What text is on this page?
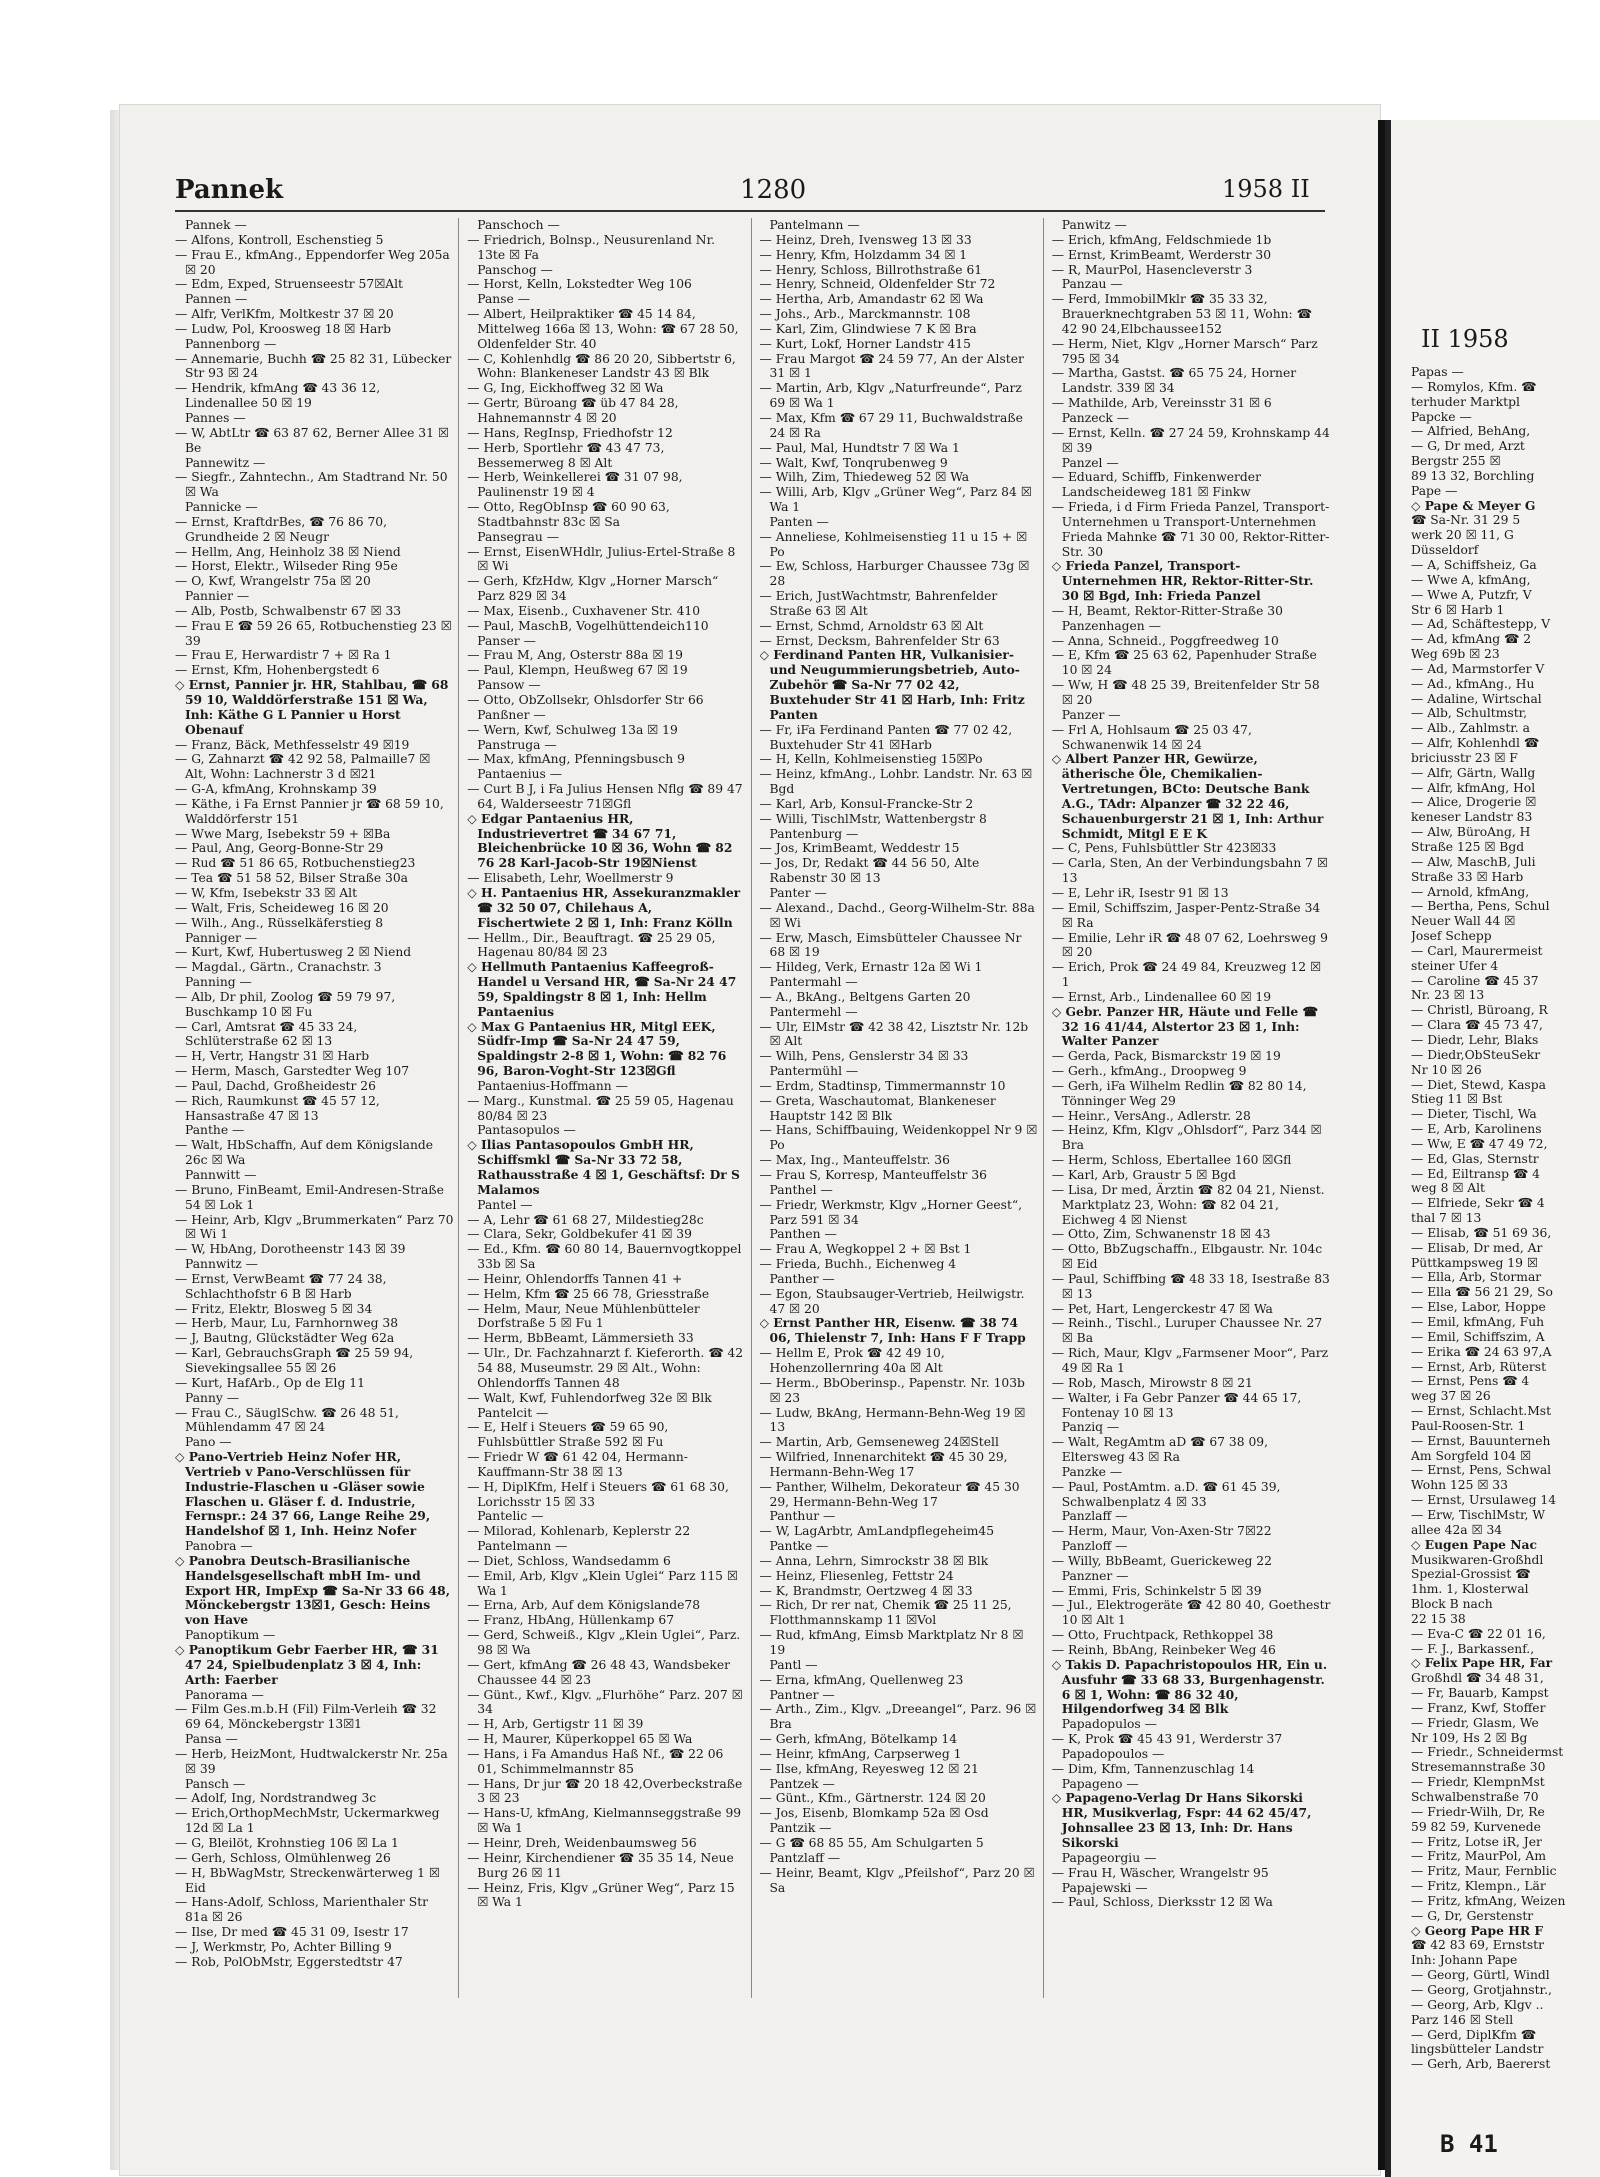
Pannek	1280	1958 II

Pannek —

— Alfons, Kontroll, Eschenstieg 5

— Frau E., kfmAng., Eppendorfer Weg 205a ☒ 20

— Edm, Exped, Struenseestr 57☒Alt

Pannen —

— Alfr, VerlKfm, Moltkestr 37 ☒ 20

— Ludw, Pol, Kroosweg 18 ☒ Harb

Pannenborg —

— Annemarie, Buchh ☎ 25 82 31, Lübecker Str 93 ☒ 24

— Hendrik, kfmAng ☎ 43 36 12, Lindenallee 50 ☒ 19

Pannes —

— W, AbtLtr ☎ 63 87 62, Berner Allee 31 ☒ Be

Pannewitz —

— Siegfr., Zahntechn., Am Stadtrand Nr. 50 ☒ Wa

Pannicke —

— Ernst, KraftdrBes, ☎ 76 86 70, Grundheide 2 ☒ Neugr

— Hellm, Ang, Heinholz 38 ☒ Niend

— Horst, Elektr., Wilseder Ring 95e

— O, Kwf, Wrangelstr 75a ☒ 20

Pannier —

— Alb, Postb, Schwalbenstr 67 ☒ 33

— Frau E ☎ 59 26 65, Rotbuchenstieg 23 ☒ 39

— Frau E, Herwardistr 7 + ☒ Ra 1

— Ernst, Kfm, Hohenbergstedt 6

◇ Ernst, Pannier jr. HR, Stahlbau, ☎ 68 59 10, Walddörferstraße 151 ☒ Wa, Inh: Käthe G L Pannier u Horst Obenauf

— Franz, Bäck, Methfesselstr 49 ☒19

— G, Zahnarzt ☎ 42 92 58, Palmaille7 ☒ Alt, Wohn: Lachnerstr 3 d ☒21

— G-A, kfmAng, Krohnskamp 39

— Käthe, i Fa Ernst Pannier jr ☎ 68 59 10, Walddörferstr 151

— Wwe Marg, Isebekstr 59 + ☒Ba

— Paul, Ang, Georg-Bonne-Str 29

— Rud ☎ 51 86 65, Rotbuchenstieg23

— Tea ☎ 51 58 52, Bilser Straße 30a

— W, Kfm, Isebekstr 33 ☒ Alt

— Walt, Fris, Scheideweg 16 ☒ 20

— Wilh., Ang., Rüsselkäferstieg 8

Panniger —

— Kurt, Kwf, Hubertusweg 2 ☒ Niend

— Magdal., Gärtn., Cranachstr. 3

Panning —

— Alb, Dr phil, Zoolog ☎ 59 79 97, Buschkamp 10 ☒ Fu

— Carl, Amtsrat ☎ 45 33 24, Schlüterstraße 62 ☒ 13

— H, Vertr, Hangstr 31 ☒ Harb

— Herm, Masch, Garstedter Weg 107

— Paul, Dachd, Großheidestr 26

— Rich, Raumkunst ☎ 45 57 12, Hansastraße 47 ☒ 13

Panthe —

— Walt, HbSchaffn, Auf dem Königslande 26c ☒ Wa

Pannwitt —

— Bruno, FinBeamt, Emil-Andresen-Straße 54 ☒ Lok 1

— Heinr, Arb, Klgv „Brummerkaten“ Parz 70 ☒ Wi 1

— W, HbAng, Dorotheenstr 143 ☒ 39

Pannwitz —

— Ernst, VerwBeamt ☎ 77 24 38, Schlachthofstr 6 B ☒ Harb

— Fritz, Elektr, Blosweg 5 ☒ 34

— Herb, Maur, Lu, Farnhornweg 38

— J, Bautng, Glückstädter Weg 62a

— Karl, GebrauchsGraph ☎ 25 59 94, Sievekingsallee 55 ☒ 26

— Kurt, HafArb., Op de Elg 11

Panny —

— Frau C., SäuglSchw. ☎ 26 48 51, Mühlendamm 47 ☒ 24

Pano —

◇ Pano-Vertrieb Heinz Nofer HR, Vertrieb v Pano-Verschlüssen für Industrie-Flaschen u -Gläser sowie Flaschen u. Gläser f. d. Industrie, Fernspr.: 24 37 66, Lange Reihe 29, Handelshof ☒ 1, Inh. Heinz Nofer

Panobra —

◇ Panobra Deutsch-Brasilianische Handelsgesellschaft mbH Im- und Export HR, ImpExp ☎ Sa-Nr 33 66 48, Mönckebergstr 13☒1, Gesch: Heins von Have

Panoptikum —

◇ Panoptikum Gebr Faerber HR, ☎ 31 47 24, Spielbudenplatz 3 ☒ 4, Inh: Arth: Faerber

Panorama —

— Film Ges.m.b.H (Fil) Film-Verleih ☎ 32 69 64, Mönckebergstr 13☒1

Pansa —

— Herb, HeizMont, Hudtwalckerstr Nr. 25a ☒ 39

Pansch —

— Adolf, Ing, Nordstrandweg 3c

— Erich,OrthopMechMstr, Uckermarkweg 12d ☒ La 1

— G, Bleilöt, Krohnstieg 106 ☒ La 1

— Gerh, Schloss, Olmühlenweg 26

— H, BbWagMstr, Streckenwärterweg 1 ☒ Eid

— Hans-Adolf, Schloss, Marienthaler Str 81a ☒ 26

— Ilse, Dr med ☎ 45 31 09, Isestr 17

— J, Werkmstr, Po, Achter Billing 9

— Rob, PolObMstr, Eggerstedtstr 47

Panschoch —

— Friedrich, Bolnsp., Neusurenland Nr. 13te ☒ Fa

Panschog —

— Horst, Kelln, Lokstedter Weg 106

Panse —

— Albert, Heilpraktiker ☎ 45 14 84, Mittelweg 166a ☒ 13, Wohn: ☎ 67 28 50, Oldenfelder Str. 40

— C, Kohlenhdlg ☎ 86 20 20, Sibbertstr 6, Wohn: Blankeneser Landstr 43 ☒ Blk

— G, Ing, Eickhoffweg 32 ☒ Wa

— Gertr, Büroang ☎ üb 47 84 28, Hahnemannstr 4 ☒ 20

— Hans, RegInsp, Friedhofstr 12

— Herb, Sportlehr ☎ 43 47 73, Bessemerweg 8 ☒ Alt

— Herb, Weinkellerei ☎ 31 07 98, Paulinenstr 19 ☒ 4

— Otto, RegObInsp ☎ 60 90 63, Stadtbahnstr 83c ☒ Sa

Pansegrau —

— Ernst, EisenWHdlr, Julius-Ertel-Straße 8 ☒ Wi

— Gerh, KfzHdw, Klgv „Horner Marsch“ Parz 829 ☒ 34

— Max, Eisenb., Cuxhavener Str. 410

— Paul, MaschB, Vogelhüttendeich110

Panser —

— Frau M, Ang, Osterstr 88a ☒ 19

— Paul, Klempn, Heußweg 67 ☒ 19

Pansow —

— Otto, ObZollsekr, Ohlsdorfer Str 66

Panßner —

— Wern, Kwf, Schulweg 13a ☒ 19

Panstruga —

— Max, kfmAng, Pfenningsbusch 9

Pantaenius —

— Curt B J, i Fa Julius Hensen Nflg ☎ 89 47 64, Walderseestr 71☒Gfl

◇ Edgar Pantaenius HR, Industrievertret ☎ 34 67 71, Bleichenbrücke 10 ☒ 36, Wohn ☎ 82 76 28 Karl-Jacob-Str 19☒Nienst

— Elisabeth, Lehr, Woellmerstr 9

◇ H. Pantaenius HR, Assekuranzmakler ☎ 32 50 07, Chilehaus A, Fischertwiete 2 ☒ 1, Inh: Franz Kölln

— Hellm., Dir., Beauftragt. ☎ 25 29 05, Hagenau 80/84 ☒ 23

◇ Hellmuth Pantaenius Kaffeegroß-Handel u Versand HR, ☎ Sa-Nr 24 47 59, Spaldingstr 8 ☒ 1, Inh: Hellm Pantaenius

◇ Max G Pantaenius HR, Mitgl EEK, Südfr-Imp ☎ Sa-Nr 24 47 59, Spaldingstr 2-8 ☒ 1, Wohn: ☎ 82 76 96, Baron-Voght-Str 123☒Gfl

Pantaenius-Hoffmann —

— Marg., Kunstmal. ☎ 25 59 05, Hagenau 80/84 ☒ 23

Pantasopulos —

◇ Ilias Pantasopoulos GmbH HR, Schiffsmkl ☎ Sa-Nr 33 72 58, Rathausstraße 4 ☒ 1, Geschäftsf: Dr S Malamos

Pantel —

— A, Lehr ☎ 61 68 27, Mildestieg28c

— Clara, Sekr, Goldbekufer 41 ☒ 39

— Ed., Kfm. ☎ 60 80 14, Bauernvogtkoppel 33b ☒ Sa

— Heinr, Ohlendorffs Tannen 41 +

— Helm, Kfm ☎ 25 66 78, Griesstraße

— Helm, Maur, Neue Mühlenbütteler Dorfstraße 5 ☒ Fu 1

— Herm, BbBeamt, Lämmersieth 33

— Ulr., Dr. Fachzahnarzt f. Kieferorth. ☎ 42 54 88, Museumstr. 29 ☒ Alt., Wohn: Ohlendorffs Tannen 48

— Walt, Kwf, Fuhlendorfweg 32e ☒ Blk

Pantelcit —

— E, Helf i Steuers ☎ 59 65 90, Fuhlsbüttler Straße 592 ☒ Fu

— Friedr W ☎ 61 42 04, Hermann-Kauffmann-Str 38 ☒ 13

— H, DiplKfm, Helf i Steuers ☎ 61 68 30, Lorichsstr 15 ☒ 33

Pantelic —

— Milorad, Kohlenarb, Keplerstr 22

Pantelmann —

— Diet, Schloss, Wandsedamm 6

— Emil, Arb, Klgv „Klein Uglei“ Parz 115 ☒ Wa 1

— Erna, Arb, Auf dem Königslande78

— Franz, HbAng, Hüllenkamp 67

— Gerd, Schweiß., Klgv „Klein Uglei“, Parz. 98 ☒ Wa

— Gert, kfmAng ☎ 26 48 43, Wandsbeker Chaussee 44 ☒ 23

— Günt., Kwf., Klgv. „Flurhöhe“ Parz. 207 ☒ 34

— H, Arb, Gertigstr 11 ☒ 39

— H, Maurer, Küperkoppel 65 ☒ Wa

— Hans, i Fa Amandus Haß Nf., ☎ 22 06 01, Schimmelmannstr 85

— Hans, Dr jur ☎ 20 18 42,Overbeckstraße 3 ☒ 23

— Hans-U, kfmAng, Kielmannseggstraße 99 ☒ Wa 1

— Heinr, Dreh, Weidenbaumsweg 56

— Heinr, Kirchendiener ☎ 35 35 14, Neue Burg 26 ☒ 11

— Heinz, Fris, Klgv „Grüner Weg“, Parz 15 ☒ Wa 1

Pantelmann —

— Heinz, Dreh, Ivensweg 13 ☒ 33

— Henry, Kfm, Holzdamm 34 ☒ 1

— Henry, Schloss, Billrothstraße 61

— Henry, Schneid, Oldenfelder Str 72

— Hertha, Arb, Amandastr 62 ☒ Wa

— Johs., Arb., Marckmannstr. 108

— Karl, Zim, Glindwiese 7 K ☒ Bra

— Kurt, Lokf, Horner Landstr 415

— Frau Margot ☎ 24 59 77, An der Alster 31 ☒ 1

— Martin, Arb, Klgv „Naturfreunde“, Parz 69 ☒ Wa 1

— Max, Kfm ☎ 67 29 11, Buchwaldstraße 24 ☒ Ra

— Paul, Mal, Hundtstr 7 ☒ Wa 1

— Walt, Kwf, Tonqrubenweg 9

— Wilh, Zim, Thiedeweg 52 ☒ Wa

— Willi, Arb, Klgv „Grüner Weg“, Parz 84 ☒ Wa 1

Panten —

— Anneliese, Kohlmeisenstieg 11 u 15 + ☒ Po

— Ew, Schloss, Harburger Chaussee 73g ☒ 28

— Erich, JustWachtmstr, Bahrenfelder Straße 63 ☒ Alt

— Ernst, Schmd, Arnoldstr 63 ☒ Alt

— Ernst, Decksm, Bahrenfelder Str 63

◇ Ferdinand Panten HR, Vulkanisier- und Neugummierungsbetrieb, Auto-Zubehör ☎ Sa-Nr 77 02 42, Buxtehuder Str 41 ☒ Harb, Inh: Fritz Panten

— Fr, iFa Ferdinand Panten ☎ 77 02 42, Buxtehuder Str 41 ☒Harb

— H, Kelln, Kohlmeisenstieg 15☒Po

— Heinz, kfmAng., Lohbr. Landstr. Nr. 63 ☒ Bgd

— Karl, Arb, Konsul-Francke-Str 2

— Willi, TischlMstr, Wattenbergstr 8

Pantenburg —

— Jos, KrimBeamt, Weddestr 15

— Jos, Dr, Redakt ☎ 44 56 50, Alte Rabenstr 30 ☒ 13

Panter —

— Alexand., Dachd., Georg-Wilhelm-Str. 88a ☒ Wi

— Erw, Masch, Eimsbütteler Chaussee Nr 68 ☒ 19

— Hildeg, Verk, Ernastr 12a ☒ Wi 1

Pantermahl —

— A., BkAng., Beltgens Garten 20

Pantermehl —

— Ulr, ElMstr ☎ 42 38 42, Lisztstr Nr. 12b ☒ Alt

— Wilh, Pens, Genslerstr 34 ☒ 33

Pantermühl —

— Erdm, Stadtinsp, Timmermannstr 10

— Greta, Waschautomat, Blankeneser Hauptstr 142 ☒ Blk

— Hans, Schiffbauing, Weidenkoppel Nr 9 ☒ Po

— Max, Ing., Manteuffelstr. 36

— Frau S, Korresp, Manteuffelstr 36

Panthel —

— Friedr, Werkmstr, Klgv „Horner Geest“, Parz 591 ☒ 34

Panthen —

— Frau A, Wegkoppel 2 + ☒ Bst 1

— Frieda, Buchh., Eichenweg 4

Panther —

— Egon, Staubsauger-Vertrieb, Heilwigstr. 47 ☒ 20

◇ Ernst Panther HR, Eisenw. ☎ 38 74 06, Thielenstr 7, Inh: Hans F F Trapp

— Hellm E, Prok ☎ 42 49 10, Hohenzollernring 40a ☒ Alt

— Herm., BbOberinsp., Papenstr. Nr. 103b ☒ 23

— Ludw, BkAng, Hermann-Behn-Weg 19 ☒ 13

— Martin, Arb, Gemseneweg 24☒Stell

— Wilfried, Innenarchitekt ☎ 45 30 29, Hermann-Behn-Weg 17

— Panther, Wilhelm, Dekorateur ☎ 45 30 29, Hermann-Behn-Weg 17

Panthur —

— W, LagArbtr, AmLandpflegeheim45

Pantke —

— Anna, Lehrn, Simrockstr 38 ☒ Blk

— Heinz, Fliesenleg, Fettstr 24

— K, Brandmstr, Oertzweg 4 ☒ 33

— Rich, Dr rer nat, Chemik ☎ 25 11 25, Flotthmannskamp 11 ☒Vol

— Rud, kfmAng, Eimsb Marktplatz Nr 8 ☒ 19

Pantl —

— Erna, kfmAng, Quellenweg 23

Pantner —

— Arth., Zim., Klgv. „Dreeangel“, Parz. 96 ☒ Bra

— Gerh, kfmAng, Bötelkamp 14

— Heinr, kfmAng, Carpserweg 1

— Ilse, kfmAng, Reyesweg 12 ☒ 21

Pantzek —

— Günt., Kfm., Gärtnerstr. 124 ☒ 20

— Jos, Eisenb, Blomkamp 52a ☒ Osd

Pantzik —

— G ☎ 68 85 55, Am Schulgarten 5

Pantzlaff —

— Heinr, Beamt, Klgv „Pfeilshof“, Parz 20 ☒ Sa

Panwitz —

— Erich, kfmAng, Feldschmiede 1b

— Ernst, KrimBeamt, Werderstr 30

— R, MaurPol, Hasencleverstr 3

Panzau —

— Ferd, ImmobilMklr ☎ 35 33 32, Brauerknechtgraben 53 ☒ 11, Wohn: ☎ 42 90 24,Elbchaussee152

— Herm, Niet, Klgv „Horner Marsch“ Parz 795 ☒ 34

— Martha, Gastst. ☎ 65 75 24, Horner Landstr. 339 ☒ 34

— Mathilde, Arb, Vereinsstr 31 ☒ 6

Panzeck —

— Ernst, Kelln. ☎ 27 24 59, Krohnskamp 44 ☒ 39

Panzel —

— Eduard, Schiffb, Finkenwerder Landscheideweg 181 ☒ Finkw

— Frieda, i d Firm Frieda Panzel, Transport-Unternehmen u Transport-Unternehmen Frieda Mahnke ☎ 71 30 00, Rektor-Ritter-Str. 30

◇ Frieda Panzel, Transport-Unternehmen HR, Rektor-Ritter-Str. 30 ☒ Bgd, Inh: Frieda Panzel

— H, Beamt, Rektor-Ritter-Straße 30

Panzenhagen —

— Anna, Schneid., Poggfreedweg 10

— E, Kfm ☎ 25 63 62, Papenhuder Straße 10 ☒ 24

— Ww, H ☎ 48 25 39, Breitenfelder Str 58 ☒ 20

Panzer —

— Frl A, Hohlsaum ☎ 25 03 47, Schwanenwik 14 ☒ 24

◇ Albert Panzer HR, Gewürze, ätherische Öle, Chemikalien-Vertretungen, BCto: Deutsche Bank A.G., TAdr: Alpanzer ☎ 32 22 46, Schauenburgerstr 21 ☒ 1, Inh: Arthur Schmidt, Mitgl E E K

— C, Pens, Fuhlsbüttler Str 423☒33

— Carla, Sten, An der Verbindungsbahn 7 ☒ 13

— E, Lehr iR, Isestr 91 ☒ 13

— Emil, Schiffszim, Jasper-Pentz-Straße 34 ☒ Ra

— Emilie, Lehr iR ☎ 48 07 62, Loehrsweg 9 ☒ 20

— Erich, Prok ☎ 24 49 84, Kreuzweg 12 ☒ 1

— Ernst, Arb., Lindenallee 60 ☒ 19

◇ Gebr. Panzer HR, Häute und Felle ☎ 32 16 41/44, Alstertor 23 ☒ 1, Inh: Walter Panzer

— Gerda, Pack, Bismarckstr 19 ☒ 19

— Gerh., kfmAng., Droopweg 9

— Gerh, iFa Wilhelm Redlin ☎ 82 80 14, Tönninger Weg 29

— Heinr., VersAng., Adlerstr. 28

— Heinz, Kfm, Klgv „Ohlsdorf“, Parz 344 ☒ Bra

— Herm, Schloss, Ebertallee 160 ☒Gfl

— Karl, Arb, Graustr 5 ☒ Bgd

— Lisa, Dr med, Ärztin ☎ 82 04 21, Nienst. Marktplatz 23, Wohn: ☎ 82 04 21, Eichweg 4 ☒ Nienst

— Otto, Zim, Schwanenstr 18 ☒ 43

— Otto, BbZugschaffn., Elbgaustr. Nr. 104c ☒ Eid

— Paul, Schiffbing ☎ 48 33 18, Isestraße 83 ☒ 13

— Pet, Hart, Lengerckestr 47 ☒ Wa

— Reinh., Tischl., Luruper Chaussee Nr. 27 ☒ Ba

— Rich, Maur, Klgv „Farmsener Moor“, Parz 49 ☒ Ra 1

— Rob, Masch, Mirowstr 8 ☒ 21

— Walter, i Fa Gebr Panzer ☎ 44 65 17, Fontenay 10 ☒ 13

Panziq —

— Walt, RegAmtm aD ☎ 67 38 09, Eltersweg 43 ☒ Ra

Panzke —

— Paul, PostAmtm. a.D. ☎ 61 45 39, Schwalbenplatz 4 ☒ 33

Panzlaff —

— Herm, Maur, Von-Axen-Str 7☒22

Panzloff —

— Willy, BbBeamt, Guerickeweg 22

Panzner —

— Emmi, Fris, Schinkelstr 5 ☒ 39

— Jul., Elektrogeräte ☎ 42 80 40, Goethestr 10 ☒ Alt 1

— Otto, Fruchtpack, Rethkoppel 38

— Reinh, BbAng, Reinbeker Weg 46

◇ Takis D. Papachristopoulos HR, Ein u. Ausfuhr ☎ 33 68 33, Burgenhagenstr. 6 ☒ 1, Wohn: ☎ 86 32 40, Hilgendorfweg 34 ☒ Blk

Papadopulos —

— K, Prok ☎ 45 43 91, Werderstr 37

Papadopoulos —

— Dim, Kfm, Tannenzuschlag 14

Papageno —

◇ Papageno-Verlag Dr Hans Sikorski HR, Musikverlag, Fspr: 44 62 45/47, Johnsallee 23 ☒ 13, Inh: Dr. Hans Sikorski

Papageorgiu —

— Frau H, Wäscher, Wrangelstr 95

Papajewski —

— Paul, Schloss, Dierksstr 12 ☒ Wa

II 1958

Papas —

— Romylos, Kfm. ☎

terhuder Marktpl

Papcke —

— Alfried, BehAng,

— G, Dr med, Arzt

Bergstr 255 ☒

89 13 32, Borchling

Pape —

◇ Pape & Meyer G

☎ Sa-Nr. 31 29 5

werk 20 ☒ 11, G

Düsseldorf

— A, Schiffsheiz, Ga

— Wwe A, kfmAng,

— Wwe A, Putzfr, V

Str 6 ☒ Harb 1

— Ad, Schäftestepp, V

— Ad, kfmAng ☎ 2

Weg 69b ☒ 23

— Ad, Marmstorfer V

— Ad., kfmAng., Hu

— Adaline, Wirtschal

— Alb, Schultmstr,

— Alb., Zahlmstr. a

— Alfr, Kohlenhdl ☎

briciusstr 23 ☒ F

— Alfr, Gärtn, Wallg

— Alfr, kfmAng, Hol

— Alice, Drogerie ☒

keneser Landstr 83

— Alw, BüroAng, H

Straße 125 ☒ Bgd

— Alw, MaschB, Juli

Straße 33 ☒ Harb

— Arnold, kfmAng,

— Bertha, Pens, Schul

Neuer Wall 44 ☒

Josef Schepp

— Carl, Maurermeist

steiner Ufer 4

— Caroline ☎ 45 37

Nr. 23 ☒ 13

— Christl, Büroang, R

— Clara ☎ 45 73 47,

— Diedr, Lehr, Blaks

— Diedr,ObSteuSekr

Nr 10 ☒ 26

— Diet, Stewd, Kaspa

Stieg 11 ☒ Bst

— Dieter, Tischl, Wa

— E, Arb, Karolinens

— Ww, E ☎ 47 49 72,

— Ed, Glas, Sternstr

— Ed, Eiltransp ☎ 4

weg 8 ☒ Alt

— Elfriede, Sekr ☎ 4

thal 7 ☒ 13

— Elisab, ☎ 51 69 36,

— Elisab, Dr med, Ar

Püttkampsweg 19 ☒

— Ella, Arb, Stormar

— Ella ☎ 56 21 29, So

— Else, Labor, Hoppe

— Emil, kfmAng, Fuh

— Emil, Schiffszim, A

— Erika ☎ 24 63 97,A

— Ernst, Arb, Rüterst

— Ernst, Pens ☎ 4

weg 37 ☒ 26

— Ernst, Schlacht.Mst

Paul-Roosen-Str. 1

— Ernst, Bauunterneh

Am Sorgfeld 104 ☒

— Ernst, Pens, Schwal

Wohn 125 ☒ 33

— Ernst, Ursulaweg 14

— Erw, TischlMstr, W

allee 42a ☒ 34

◇ Eugen Pape Nac

Musikwaren-Großhdl

Spezial-Grossist ☎

1hm. 1, Klosterwal

Block B nach

22 15 38

— Eva-C ☎ 22 01 16,

— F. J., Barkassenf.,

◇ Felix Pape HR, Far

Großhdl ☎ 34 48 31,

— Fr, Bauarb, Kampst

— Franz, Kwf, Stoffer

— Friedr, Glasm, We

Nr 109, Hs 2 ☒ Bg

— Friedr., Schneidermst

Stresemannstraße 30

— Friedr, KlempnMst

Schwalbenstraße 70

— Friedr-Wilh, Dr, Re

59 82 59, Kurvenede

— Fritz, Lotse iR, Jer

— Fritz, MaurPol, Am

— Fritz, Maur, Fernblic

— Fritz, Klempn., Lär

— Fritz, kfmAng, Weizen

— G, Dr, Gerstenstr

◇ Georg Pape HR F

☎ 42 83 69, Ernststr

Inh: Johann Pape

— Georg, Gürtl, Windl

— Georg, Grotjahnstr.,

— Georg, Arb, Klgv ..

Parz 146 ☒ Stell

— Gerd, DiplKfm ☎

lingsbütteler Landstr

— Gerh, Arb, Baererst

B 41
